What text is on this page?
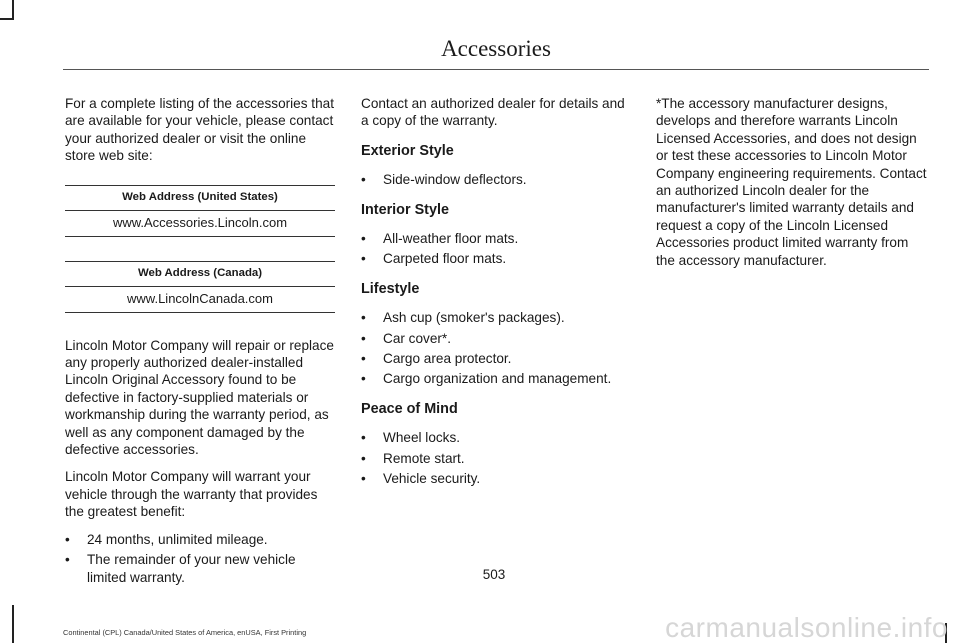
Accessories

For a complete listing of the accessories that are available for your vehicle, please contact your authorized dealer or visit the online store web site:

Web Address (United States)
www.Accessories.Lincoln.com
Web Address (Canada)
www.LincolnCanada.com

Lincoln Motor Company will repair or replace any properly authorized dealer-installed Lincoln Original Accessory found to be defective in factory-supplied materials or workmanship during the warranty period, as well as any component damaged by the defective accessories.

Lincoln Motor Company will warrant your vehicle through the warranty that provides the greatest benefit:

• 24 months, unlimited mileage.
• The remainder of your new vehicle limited warranty.

Contact an authorized dealer for details and a copy of the warranty.

Exterior Style
• Side-window deflectors.
Interior Style
• All-weather floor mats.
• Carpeted floor mats.
Lifestyle
• Ash cup (smoker's packages).
• Car cover*.
• Cargo area protector.
• Cargo organization and management.
Peace of Mind
• Wheel locks.
• Remote start.
• Vehicle security.

*The accessory manufacturer designs, develops and therefore warrants Lincoln Licensed Accessories, and does not design or test these accessories to Lincoln Motor Company engineering requirements. Contact an authorized Lincoln dealer for the manufacturer's limited warranty details and request a copy of the Lincoln Licensed Accessories product limited warranty from the accessory manufacturer.

503
Continental (CPL) Canada/United States of America, enUSA, First Printing	carmanualsonline.info
